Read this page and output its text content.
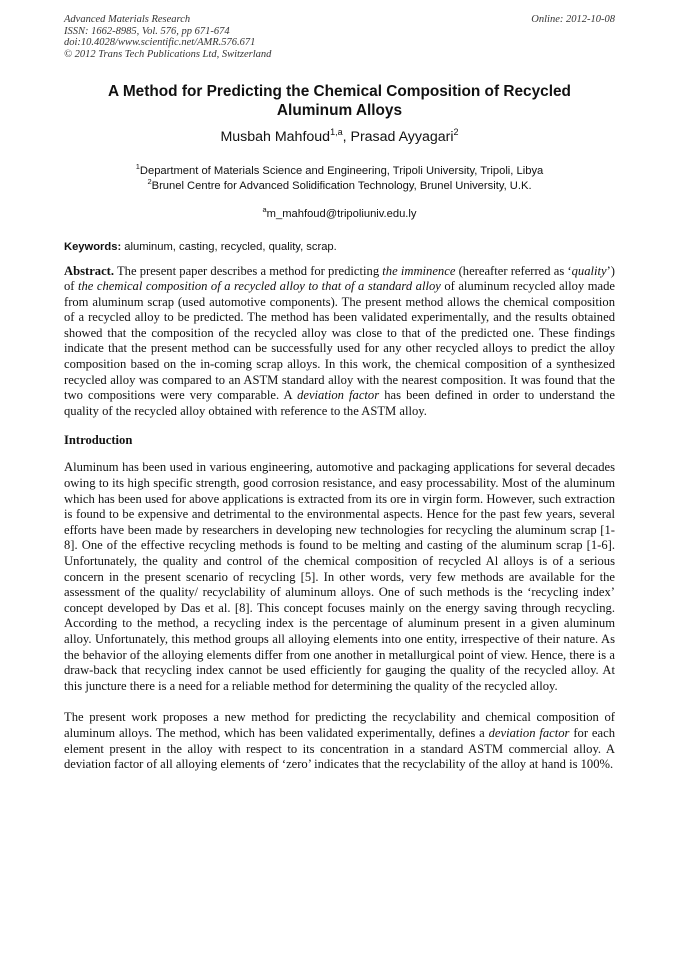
Advanced Materials Research
ISSN: 1662-8985, Vol. 576, pp 671-674
doi:10.4028/www.scientific.net/AMR.576.671
© 2012 Trans Tech Publications Ltd, Switzerland
Online: 2012-10-08
A Method for Predicting the Chemical Composition of Recycled Aluminum Alloys
Musbah Mahfoud$^{1,a}$, Prasad Ayyagari$^2$
$^1$Department of Materials Science and Engineering, Tripoli University, Tripoli, Libya
$^2$Brunel Centre for Advanced Solidification Technology, Brunel University, U.K.
$^a$m_mahfoud@tripoliuniv.edu.ly
Keywords: aluminum, casting, recycled, quality, scrap.

Abstract. The present paper describes a method for predicting the imminence (hereafter referred as ‘quality’) of the chemical composition of a recycled alloy to that of a standard alloy of aluminum recycled alloy made from aluminum scrap (used automotive components). The present method allows the chemical composition of a recycled alloy to be predicted. The method has been validated experimentally, and the results obtained showed that the composition of the recycled alloy was close to that of the predicted one. These findings indicate that the present method can be successfully used for any other recycled alloys to predict the alloy composition based on the in-coming scrap alloys. In this work, the chemical composition of a synthesized recycled alloy was compared to an ASTM standard alloy with the nearest composition. It was found that the two compositions were very comparable. A deviation factor has been defined in order to understand the quality of the recycled alloy obtained with reference to the ASTM alloy.

Introduction

Aluminum has been used in various engineering, automotive and packaging applications for several decades owing to its high specific strength, good corrosion resistance, and easy processability. Most of the aluminum which has been used for above applications is extracted from its ore in virgin form. However, such extraction is found to be expensive and detrimental to the environmental aspects. Hence for the past few years, several efforts have been made by researchers in developing new technologies for recycling the aluminum scrap [1-8]. One of the effective recycling methods is found to be melting and casting of the aluminum scrap [1-6]. Unfortunately, the quality and control of the chemical composition of recycled Al alloys is of a serious concern in the present scenario of recycling [5]. In other words, very few methods are available for the assessment of the quality/ recyclability of aluminum alloys. One of such methods is the ‘recycling index’ concept developed by Das et al. [8]. This concept focuses mainly on the energy saving through recycling. According to the method, a recycling index is the percentage of aluminum present in a given aluminum alloy. Unfortunately, this method groups all alloying elements into one entity, irrespective of their nature. As the behavior of the alloying elements differ from one another in metallurgical point of view. Hence, there is a draw-back that recycling index cannot be used efficiently for gauging the quality of the recycled alloy. At this juncture there is a need for a reliable method for determining the quality of the recycled alloy.

The present work proposes a new method for predicting the recyclability and chemical composition of aluminum alloys. The method, which has been validated experimentally, defines a deviation factor for each element present in the alloy with respect to its concentration in a standard ASTM commercial alloy. A deviation factor of all alloying elements of ‘zero’ indicates that the recyclability of the alloy at hand is 100%.
